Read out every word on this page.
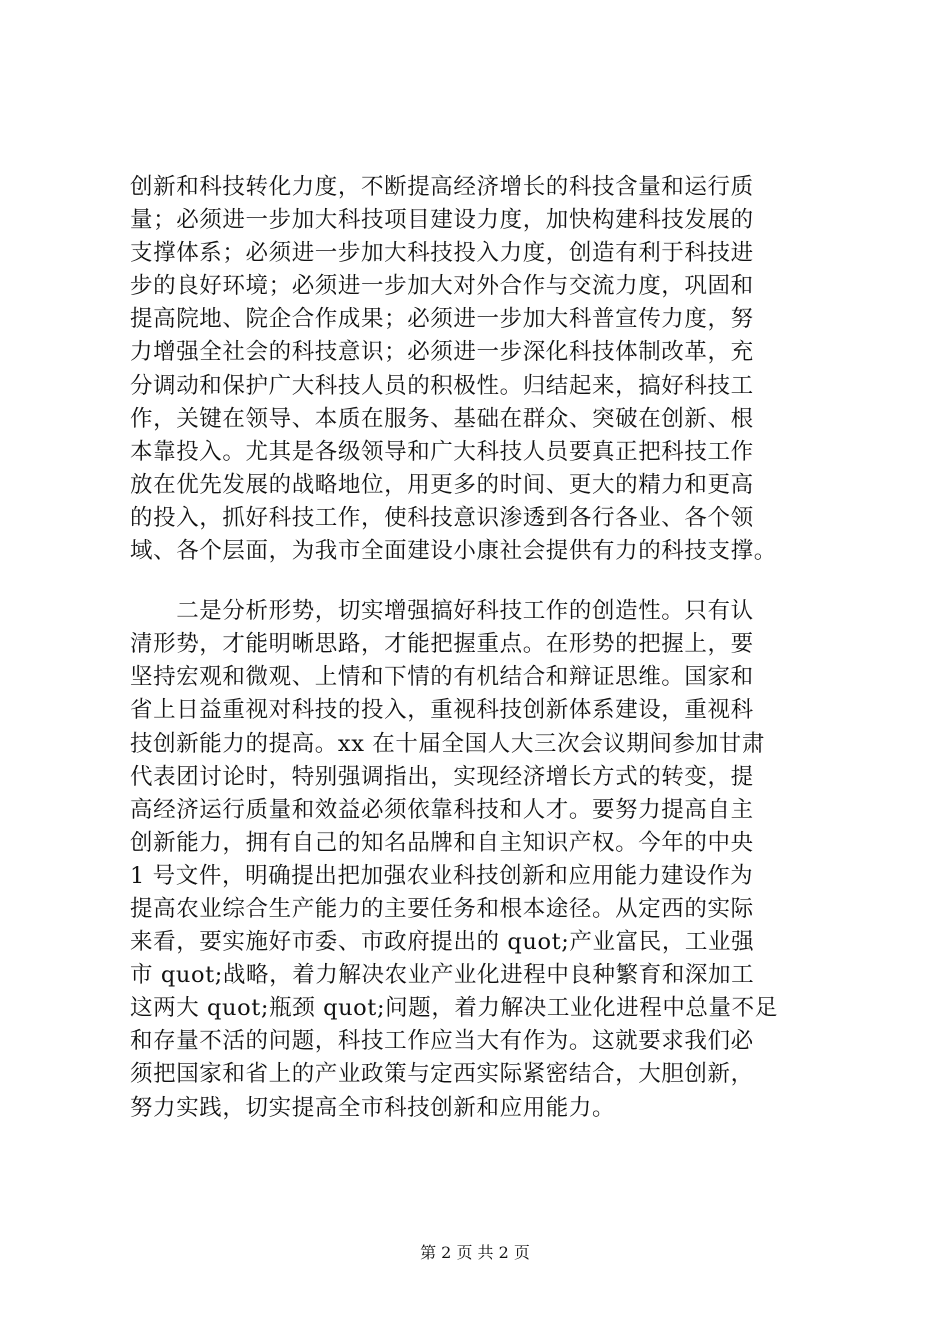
创新和科技转化力度，不断提高经济增长的科技含量和运行质
量；必须进一步加大科技项目建设力度，加快构建科技发展的
支撑体系；必须进一步加大科技投入力度，创造有利于科技进
步的良好环境；必须进一步加大对外合作与交流力度，巩固和
提高院地、院企合作成果；必须进一步加大科普宣传力度，努
力增强全社会的科技意识；必须进一步深化科技体制改革，充
分调动和保护广大科技人员的积极性。归结起来，搞好科技工
作，关键在领导、本质在服务、基础在群众、突破在创新、根
本靠投入。尤其是各级领导和广大科技人员要真正把科技工作
放在优先发展的战略地位，用更多的时间、更大的精力和更高
的投入，抓好科技工作，使科技意识渗透到各行各业、各个领
域、各个层面，为我市全面建设小康社会提供有力的科技支撑。
　　二是分析形势，切实增强搞好科技工作的创造性。只有认
清形势，才能明晰思路，才能把握重点。在形势的把握上，要
坚持宏观和微观、上情和下情的有机结合和辩证思维。国家和
省上日益重视对科技的投入，重视科技创新体系建设，重视科
技创新能力的提高。xx 在十届全国人大三次会议期间参加甘肃
代表团讨论时，特别强调指出，实现经济增长方式的转变，提
高经济运行质量和效益必须依靠科技和人才。要努力提高自主
创新能力，拥有自己的知名品牌和自主知识产权。今年的中央
1 号文件，明确提出把加强农业科技创新和应用能力建设作为
提高农业综合生产能力的主要任务和根本途径。从定西的实际
来看，要实施好市委、市政府提出的 quot;产业富民，工业强
市 quot;战略，着力解决农业产业化进程中良种繁育和深加工
这两大 quot;瓶颈 quot;问题，着力解决工业化进程中总量不足
和存量不活的问题，科技工作应当大有作为。这就要求我们必
须把国家和省上的产业政策与定西实际紧密结合，大胆创新，
努力实践，切实提高全市科技创新和应用能力。
第 2 页 共 2 页
